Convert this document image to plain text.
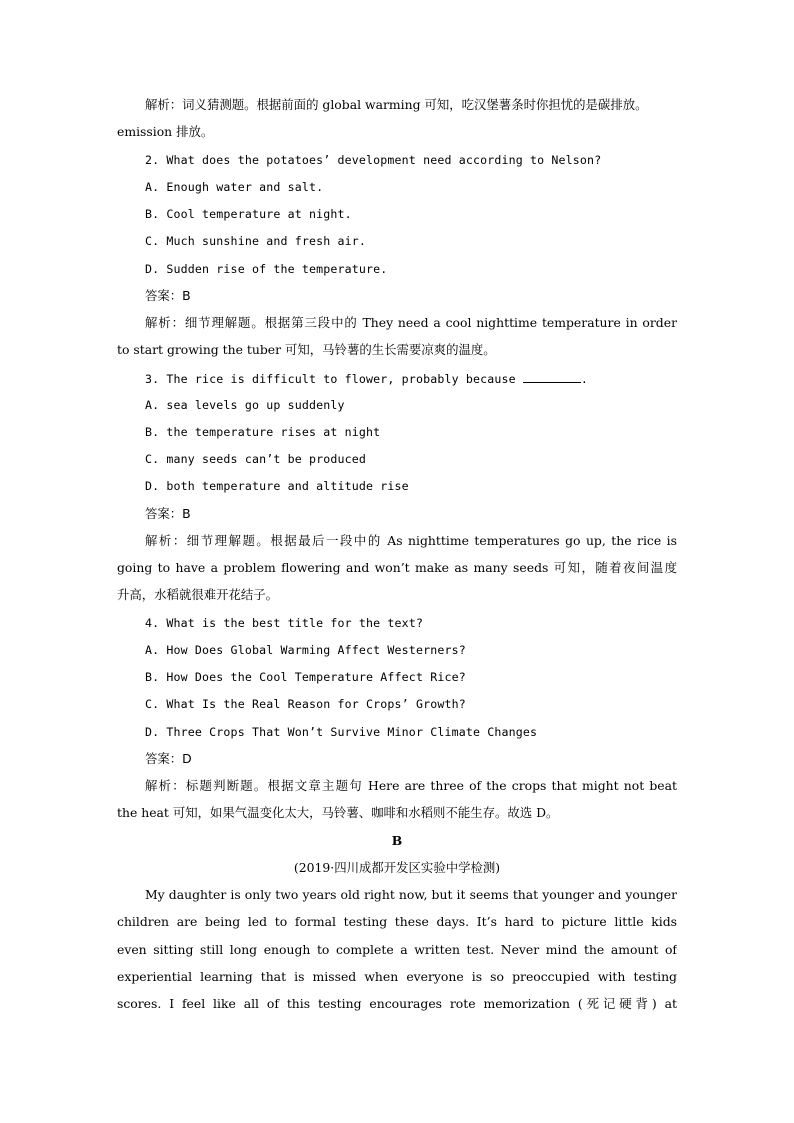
解析：词义猜测题。根据前面的 global warming 可知，吃汉堡薯条时你担忧的是碳排放。
emission 排放。
2. What does the potatoes’ development need according to Nelson?
A. Enough water and salt.
B. Cool temperature at night.
C. Much sunshine and fresh air.
D. Sudden rise of the temperature.
答案：B
解析：细节理解题。根据第三段中的 They need a cool nighttime temperature in order
to start growing the tuber 可知，马铃薯的生长需要凉爽的温度。
3. The rice is difficult to flower, probably because	.
A. sea levels go up suddenly
B. the temperature rises at night
C. many seeds can’t be produced
D. both temperature and altitude rise
答案：B
解析：细节理解题。根据最后一段中的 As nighttime temperatures go up, the rice is
going to have a problem flowering and won’t make as many seeds 可知，随着夜间温度
升高，水稻就很难开花结子。
4. What is the best title for the text?
A. How Does Global Warming Affect Westerners?
B. How Does the Cool Temperature Affect Rice?
C. What Is the Real Reason for Crops’ Growth?
D. Three Crops That Won’t Survive Minor Climate Changes
答案：D
解析：标题判断题。根据文章主题句 Here are three of the crops that might not beat
the heat 可知，如果气温变化太大，马铃薯、咖啡和水稻则不能生存。故选 D。
B
(2019·四川成都开发区实验中学检测)
My daughter is only two years old right now, but it seems that younger and younger
children are being led to formal testing these days. It’s hard to picture little kids
even sitting still long enough to complete a written test. Never mind the amount of
experiential learning that is missed when everyone is so preoccupied with testing
scores. I feel like all of this testing encourages rote memorization (死记硬背) at
